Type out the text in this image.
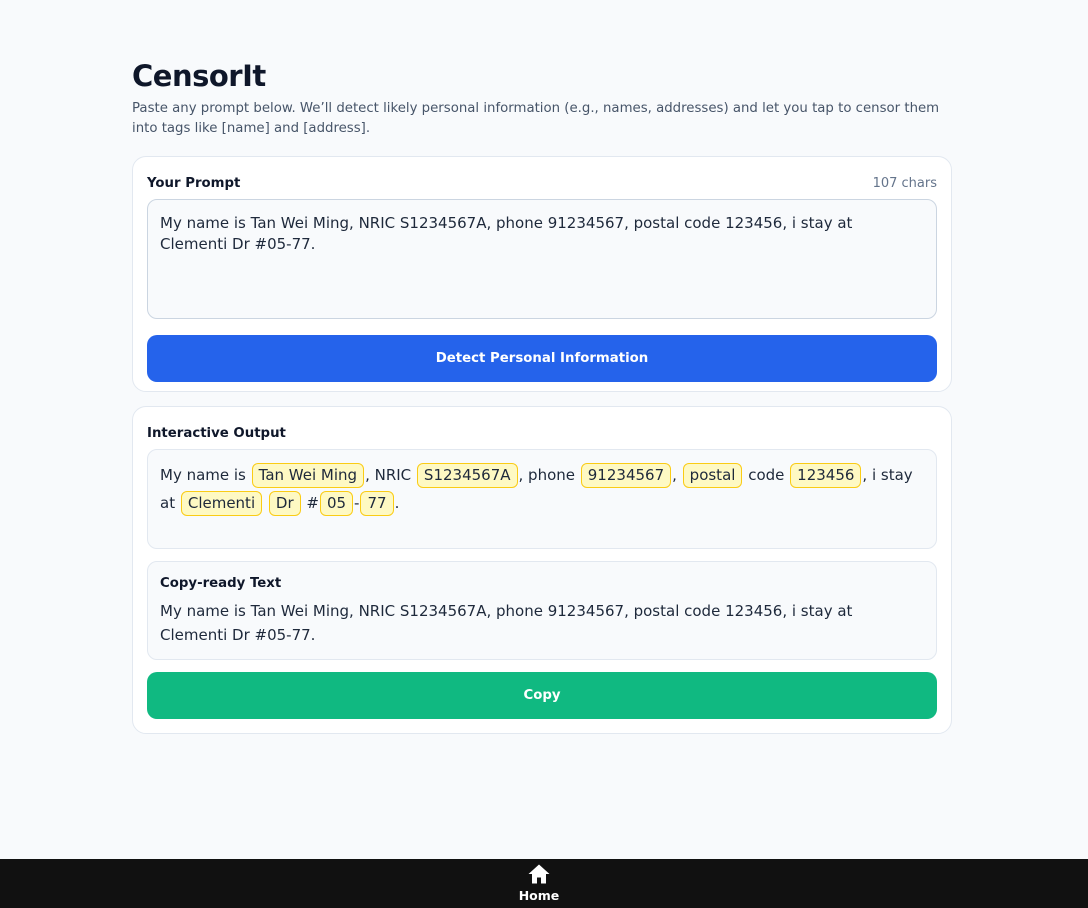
CensorIt

Paste any prompt below. We’ll detect likely personal information (e.g., names, addresses) and let you tap to censor them into tags like [name] and [address].

Your Prompt	107 chars
My name is Tan Wei Ming, NRIC S1234567A, phone 91234567, postal code 123456, i stay at Clementi Dr #05-77.
Detect Personal Information
Interactive Output
My name is Tan Wei Ming , NRIC S1234567A , phone 91234567 , postal code 123456 , i stay at Clementi Dr # 05 - 77 .
Copy-ready Text
My name is Tan Wei Ming, NRIC S1234567A, phone 91234567, postal code 123456, i stay at Clementi Dr #05-77.
Copy
Home
